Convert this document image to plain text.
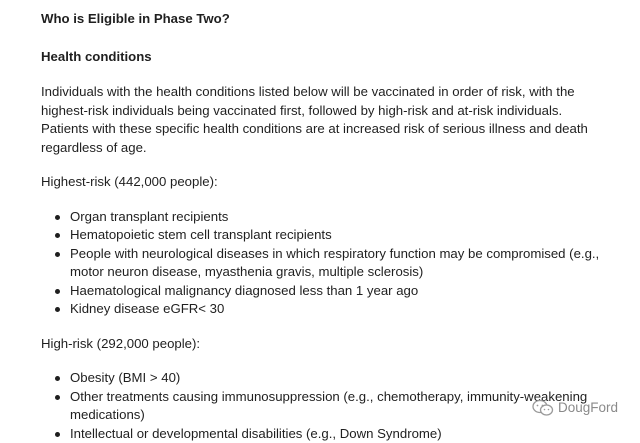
Who is Eligible in Phase Two?

Health conditions

Individuals with the health conditions listed below will be vaccinated in order of risk, with the highest-risk individuals being vaccinated first, followed by high-risk and at-risk individuals. Patients with these specific health conditions are at increased risk of serious illness and death regardless of age.

Highest-risk (442,000 people):

Organ transplant recipients
Hematopoietic stem cell transplant recipients
People with neurological diseases in which respiratory function may be compromised (e.g., motor neuron disease, myasthenia gravis, multiple sclerosis)
Haematological malignancy diagnosed less than 1 year ago
Kidney disease eGFR< 30

High-risk (292,000 people):

Obesity (BMI > 40)
Other treatments causing immunosuppression (e.g., chemotherapy, immunity-weakening medications)
Intellectual or developmental disabilities (e.g., Down Syndrome)
DougFord
